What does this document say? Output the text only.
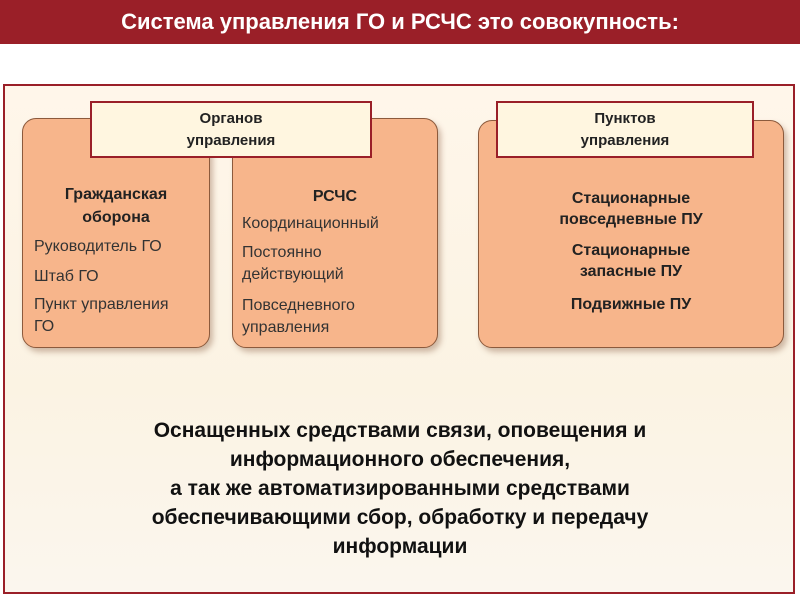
Система управления ГО и РСЧС это совокупность:
Органов
управления
Пунктов
управления
Гражданская
оборона
Руководитель ГО
Штаб ГО
Пункт управления
ГО
РСЧС
Координационный
Постоянно
действующий
Повседневного
управления
Стационарные
повседневные ПУ
Стационарные
запасные ПУ
Подвижные ПУ
Оснащенных средствами связи, оповещения и
информационного обеспечения,
а так же автоматизированными средствами
обеспечивающими сбор, обработку и передачу
информации
